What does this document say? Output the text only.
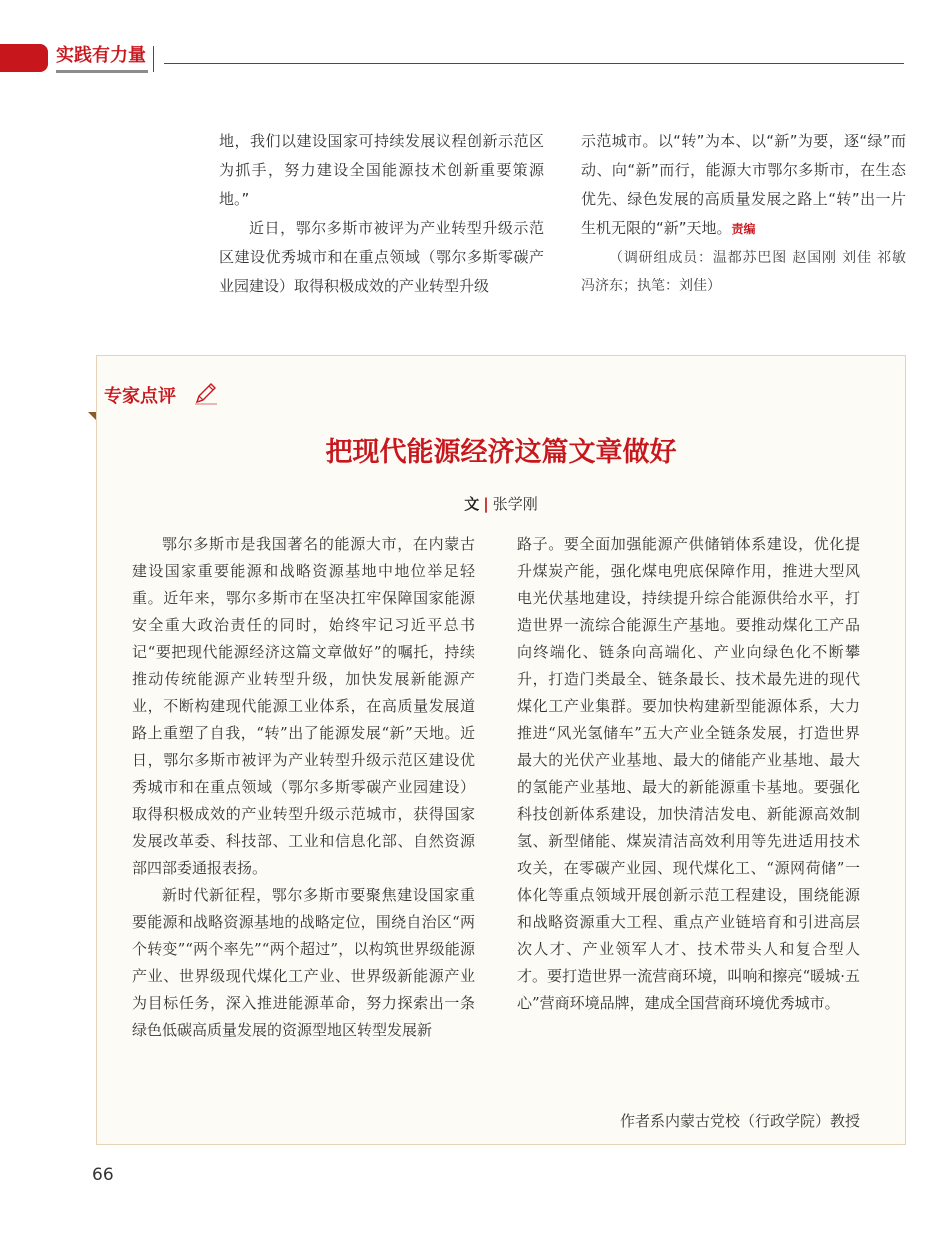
实践有力量

地，我们以建设国家可持续发展议程创新示范区为抓手，努力建设全国能源技术创新重要策源地。”

近日，鄂尔多斯市被评为产业转型升级示范区建设优秀城市和在重点领域（鄂尔多斯零碳产业园建设）取得积极成效的产业转型升级

示范城市。以“转”为本、以“新”为要，逐“绿”而动、向“新”而行，能源大市鄂尔多斯市，在生态优先、绿色发展的高质量发展之路上“转”出一片生机无限的“新”天地。责编

（调研组成员：温都苏巴图 赵国刚 刘佳 祁敏 冯济东；执笔：刘佳）

专家点评
把现代能源经济这篇文章做好
文 | 张学刚

鄂尔多斯市是我国著名的能源大市，在内蒙古建设国家重要能源和战略资源基地中地位举足轻重。近年来，鄂尔多斯市在坚决扛牢保障国家能源安全重大政治责任的同时，始终牢记习近平总书记“要把现代能源经济这篇文章做好”的嘱托，持续推动传统能源产业转型升级，加快发展新能源产业，不断构建现代能源工业体系，在高质量发展道路上重塑了自我，“转”出了能源发展“新”天地。近日，鄂尔多斯市被评为产业转型升级示范区建设优秀城市和在重点领域（鄂尔多斯零碳产业园建设）取得积极成效的产业转型升级示范城市，获得国家发展改革委、科技部、工业和信息化部、自然资源部四部委通报表扬。

新时代新征程，鄂尔多斯市要聚焦建设国家重要能源和战略资源基地的战略定位，围绕自治区“两个转变”“两个率先”“两个超过”，以构筑世界级能源产业、世界级现代煤化工产业、世界级新能源产业为目标任务，深入推进能源革命，努力探索出一条绿色低碳高质量发展的资源型地区转型发展新

路子。要全面加强能源产供储销体系建设，优化提升煤炭产能，强化煤电兜底保障作用，推进大型风电光伏基地建设，持续提升综合能源供给水平，打造世界一流综合能源生产基地。要推动煤化工产品向终端化、链条向高端化、产业向绿色化不断攀升，打造门类最全、链条最长、技术最先进的现代煤化工产业集群。要加快构建新型能源体系，大力推进“风光氢储车”五大产业全链条发展，打造世界最大的光伏产业基地、最大的储能产业基地、最大的氢能产业基地、最大的新能源重卡基地。要强化科技创新体系建设，加快清洁发电、新能源高效制氢、新型储能、煤炭清洁高效利用等先进适用技术攻关，在零碳产业园、现代煤化工、“源网荷储”一体化等重点领域开展创新示范工程建设，围绕能源和战略资源重大工程、重点产业链培育和引进高层次人才、产业领军人才、技术带头人和复合型人才。要打造世界一流营商环境，叫响和擦亮“暖城·五心”营商环境品牌，建成全国营商环境优秀城市。

作者系内蒙古党校（行政学院）教授
66
